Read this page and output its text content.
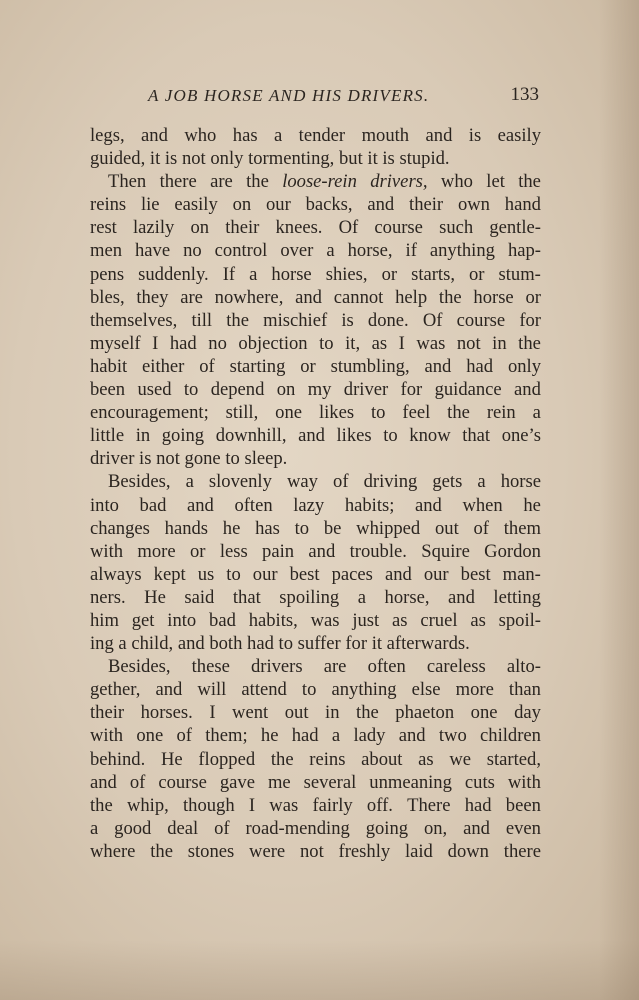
A JOB HORSE AND HIS DRIVERS.	133
legs, and who has a tender mouth and is easily
guided, it is not only tormenting, but it is stupid.
Then there are the loose-rein drivers, who let the
reins lie easily on our backs, and their own hand
rest lazily on their knees. Of course such gentle-
men have no control over a horse, if anything hap-
pens suddenly. If a horse shies, or starts, or stum-
bles, they are nowhere, and cannot help the horse or
themselves, till the mischief is done. Of course for
myself I had no objection to it, as I was not in the
habit either of starting or stumbling, and had only
been used to depend on my driver for guidance and
encouragement; still, one likes to feel the rein a
little in going downhill, and likes to know that one’s
driver is not gone to sleep.
Besides, a slovenly way of driving gets a horse
into bad and often lazy habits; and when he
changes hands he has to be whipped out of them
with more or less pain and trouble. Squire Gordon
always kept us to our best paces and our best man-
ners. He said that spoiling a horse, and letting
him get into bad habits, was just as cruel as spoil-
ing a child, and both had to suffer for it afterwards.
Besides, these drivers are often careless alto-
gether, and will attend to anything else more than
their horses. I went out in the phaeton one day
with one of them; he had a lady and two children
behind. He flopped the reins about as we started,
and of course gave me several unmeaning cuts with
the whip, though I was fairly off. There had been
a good deal of road-mending going on, and even
where the stones were not freshly laid down there
